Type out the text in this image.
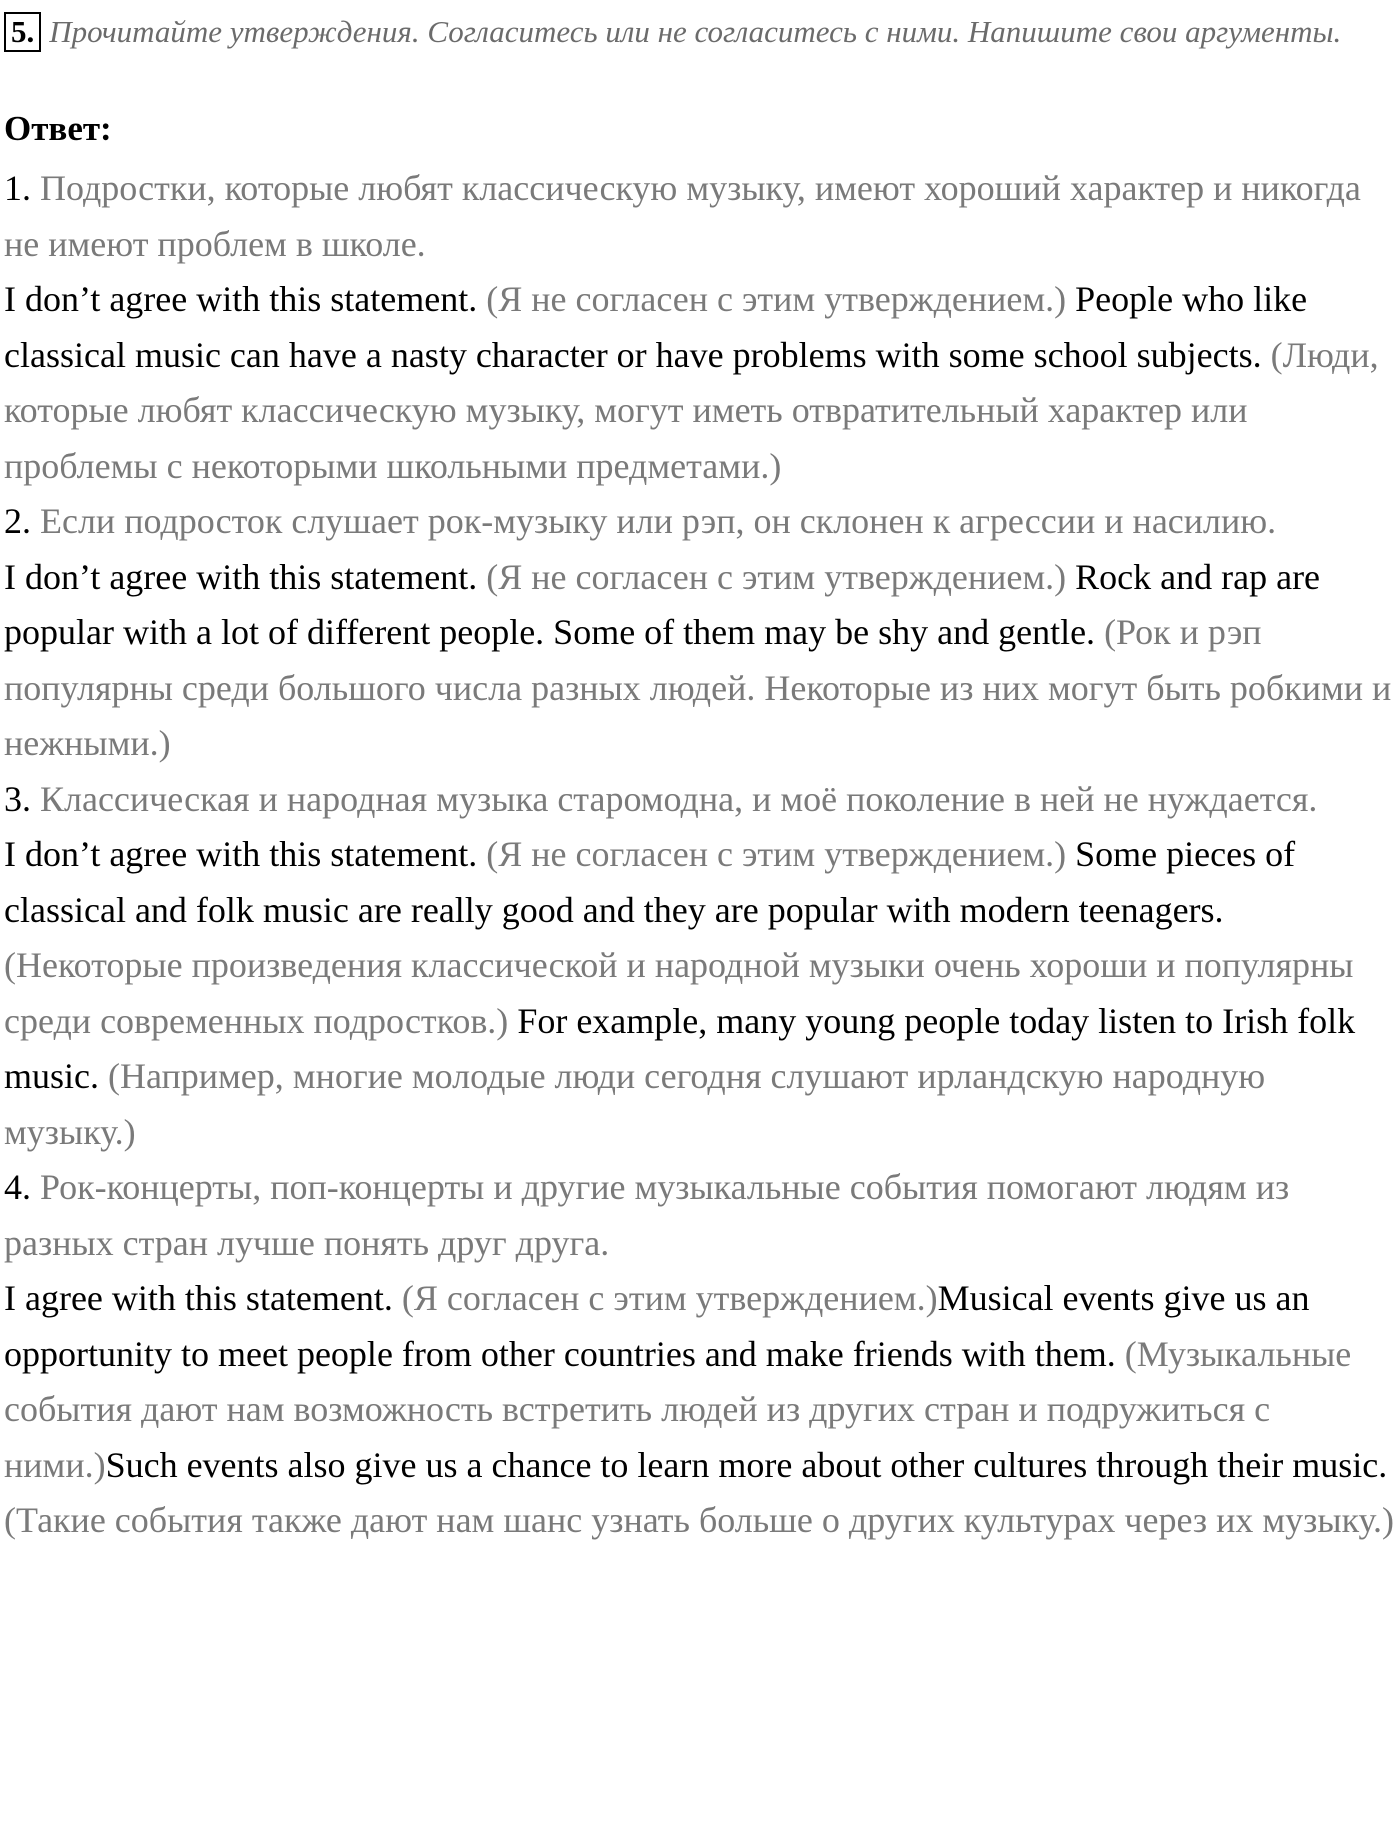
5. Прочитайте утверждения. Согласитесь или не согласитесь с ними. Напишите свои аргументы.

Ответ:

1. Подростки, которые любят классическую музыку, имеют хороший характер и никогда не имеют проблем в школе.

I don’t agree with this statement. (Я не согласен с этим утверждением.) People who like classical music can have a nasty character or have problems with some school subjects. (Люди, которые любят классическую музыку, могут иметь отвратительный характер или проблемы с некоторыми школьными предметами.)

2. Если подросток слушает рок-музыку или рэп, он склонен к агрессии и насилию.

I don’t agree with this statement. (Я не согласен с этим утверждением.) Rock and rap are popular with a lot of different people. Some of them may be shy and gentle. (Рок и рэп популярны среди большого числа разных людей. Некоторые из них могут быть робкими и нежными.)

3. Классическая и народная музыка старомодна, и моё поколение в ней не нуждается.

I don’t agree with this statement. (Я не согласен с этим утверждением.) Some pieces of classical and folk music are really good and they are popular with modern teenagers. (Некоторые произведения классической и народной музыки очень хороши и популярны среди современных подростков.) For example, many young people today listen to Irish folk music. (Например, многие молодые люди сегодня слушают ирландскую народную музыку.)

4. Рок-концерты, поп-концерты и другие музыкальные события помогают людям из разных стран лучше понять друг друга.

I agree with this statement. (Я согласен с этим утверждением.)Musical events give us an opportunity to meet people from other countries and make friends with them. (Музыкальные события дают нам возможность встретить людей из других стран и подружиться с ними.)Such events also give us a chance to learn more about other cultures through their music. (Такие события также дают нам шанс узнать больше о других культурах через их музыку.)
